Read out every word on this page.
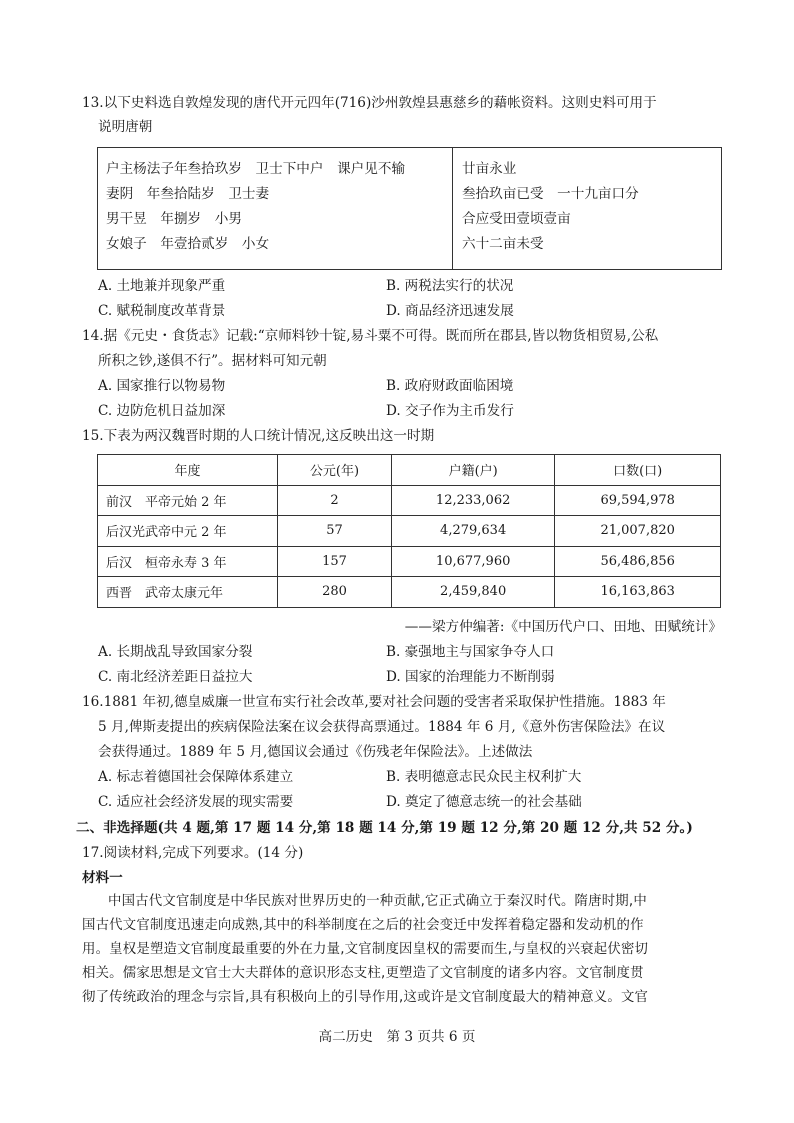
13.以下史料选自敦煌发现的唐代开元四年(716)沙州敦煌县惠慈乡的藉帐资料。这则史料可用于
说明唐朝
户主杨法子年叁拾玖岁　卫士下中户　课户见不输
妻阴　年叁拾陆岁　卫士妻
男干昱　年捌岁　小男
女娘子　年壹拾贰岁　小女
廿亩永业
叁拾玖亩已受　一十九亩口分
合应受田壹顷壹亩
六十二亩未受
A. 土地兼并现象严重	B. 两税法实行的状况
C. 赋税制度改革背景	D. 商品经济迅速发展
14.据《元史・食货志》记载:“京师料钞十锭,易斗粟不可得。既而所在郡县,皆以物货相贸易,公私
所积之钞,遂俱不行”。据材料可知元朝
A. 国家推行以物易物	B. 政府财政面临困境
C. 边防危机日益加深	D. 交子作为主币发行
15.下表为两汉魏晋时期的人口统计情况,这反映出这一时期
年度	公元(年)	户籍(户)	口数(口)
前汉　平帝元始 2 年	2	12,233,062	69,594,978
后汉光武帝中元 2 年	57	4,279,634	21,007,820
后汉　桓帝永寿 3 年	157	10,677,960	56,486,856
西晋　武帝太康元年	280	2,459,840	16,163,863
——梁方仲编著:《中国历代户口、田地、田赋统计》
A. 长期战乱导致国家分裂	B. 豪强地主与国家争夺人口
C. 南北经济差距日益拉大	D. 国家的治理能力不断削弱
16.1881 年初,德皇威廉一世宣布实行社会改革,要对社会问题的受害者采取保护性措施。1883 年
5 月,俾斯麦提出的疾病保险法案在议会获得高票通过。1884 年 6 月,《意外伤害保险法》在议
会获得通过。1889 年 5 月,德国议会通过《伤残老年保险法》。上述做法
A. 标志着德国社会保障体系建立	B. 表明德意志民众民主权利扩大
C. 适应社会经济发展的现实需要	D. 奠定了德意志统一的社会基础
二、非选择题(共 4 题,第 17 题 14 分,第 18 题 14 分,第 19 题 12 分,第 20 题 12 分,共 52 分。)
17.阅读材料,完成下列要求。(14 分)
材料一
中国古代文官制度是中华民族对世界历史的一种贡献,它正式确立于秦汉时代。隋唐时期,中
国古代文官制度迅速走向成熟,其中的科举制度在之后的社会变迁中发挥着稳定器和发动机的作
用。皇权是塑造文官制度最重要的外在力量,文官制度因皇权的需要而生,与皇权的兴衰起伏密切
相关。儒家思想是文官士大夫群体的意识形态支柱,更塑造了文官制度的诸多内容。文官制度贯
彻了传统政治的理念与宗旨,具有积极向上的引导作用,这或许是文官制度最大的精神意义。文官
高二历史　第 3 页共 6 页
